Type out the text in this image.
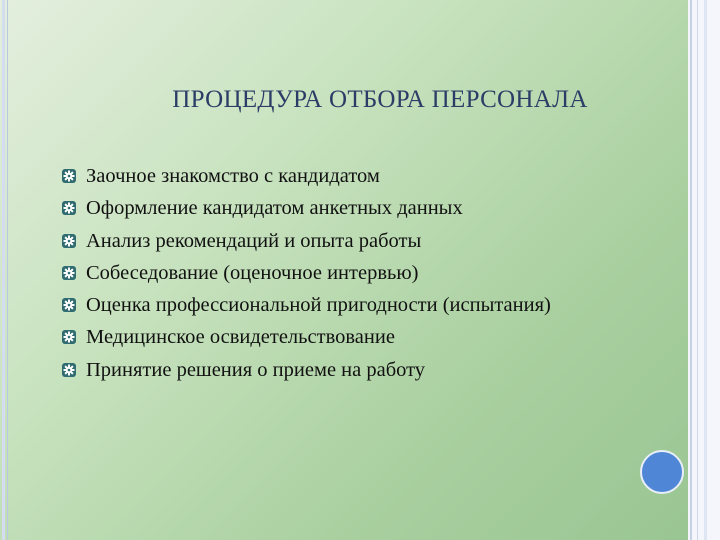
ПРОЦЕДУРА ОТБОРА ПЕРСОНАЛА
Заочное знакомство с кандидатом
Оформление кандидатом анкетных данных
Анализ рекомендаций и опыта работы
Собеседование (оценочное интервью)
Оценка профессиональной пригодности (испытания)
Медицинское освидетельствование
Принятие решения о приеме на работу
